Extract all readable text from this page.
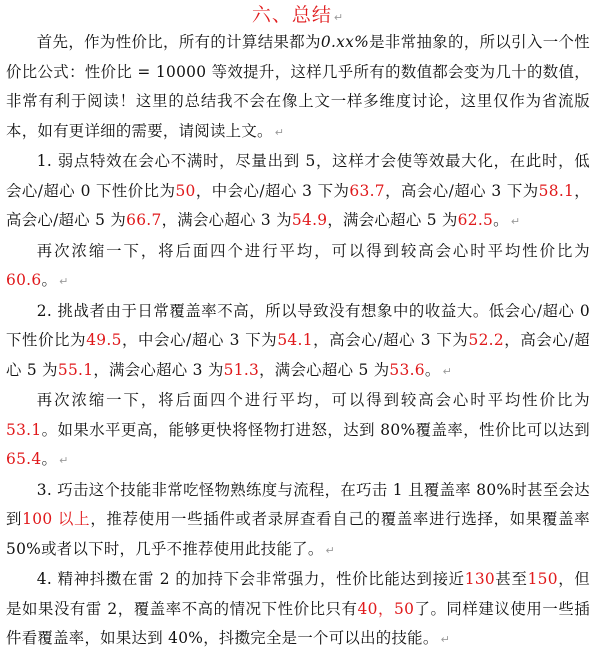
六、总结 ↵

首先，作为性价比，所有的计算结果都为0.xx%是非常抽象的，所以引入一个性价比公式：性价比 = 10000 等效提升，这样几乎所有的数值都会变为几十的数值，非常有利于阅读！这里的总结我不会在像上文一样多维度讨论，这里仅作为省流版本，如有更详细的需要，请阅读上文。 ↵

1. 弱点特效在会心不满时，尽量出到 5，这样才会使等效最大化，在此时，低会心/超心 0 下性价比为50，中会心/超心 3 下为63.7，高会心/超心 3 下为58.1，高会心/超心 5 为66.7，满会心超心 3 为54.9，满会心超心 5 为62.5。 ↵

再次浓缩一下，将后面四个进行平均，可以得到较高会心时平均性价比为60.6。 ↵

2. 挑战者由于日常覆盖率不高，所以导致没有想象中的收益大。低会心/超心 0 下性价比为49.5，中会心/超心 3 下为54.1，高会心/超心 3 下为52.2，高会心/超心 5 为55.1，满会心超心 3 为51.3，满会心超心 5 为53.6。 ↵

再次浓缩一下，将后面四个进行平均，可以得到较高会心时平均性价比为53.1。如果水平更高，能够更快将怪物打进怒，达到 80%覆盖率，性价比可以达到65.4。 ↵

3. 巧击这个技能非常吃怪物熟练度与流程，在巧击 1 且覆盖率 80%时甚至会达到100 以上，推荐使用一些插件或者录屏查看自己的覆盖率进行选择，如果覆盖率 50%或者以下时，几乎不推荐使用此技能了。 ↵

4. 精神抖擞在雷 2 的加持下会非常强力，性价比能达到接近130甚至150，但是如果没有雷 2，覆盖率不高的情况下性价比只有40，50了。同样建议使用一些插件看覆盖率，如果达到 40%，抖擞完全是一个可以出的技能。 ↵
